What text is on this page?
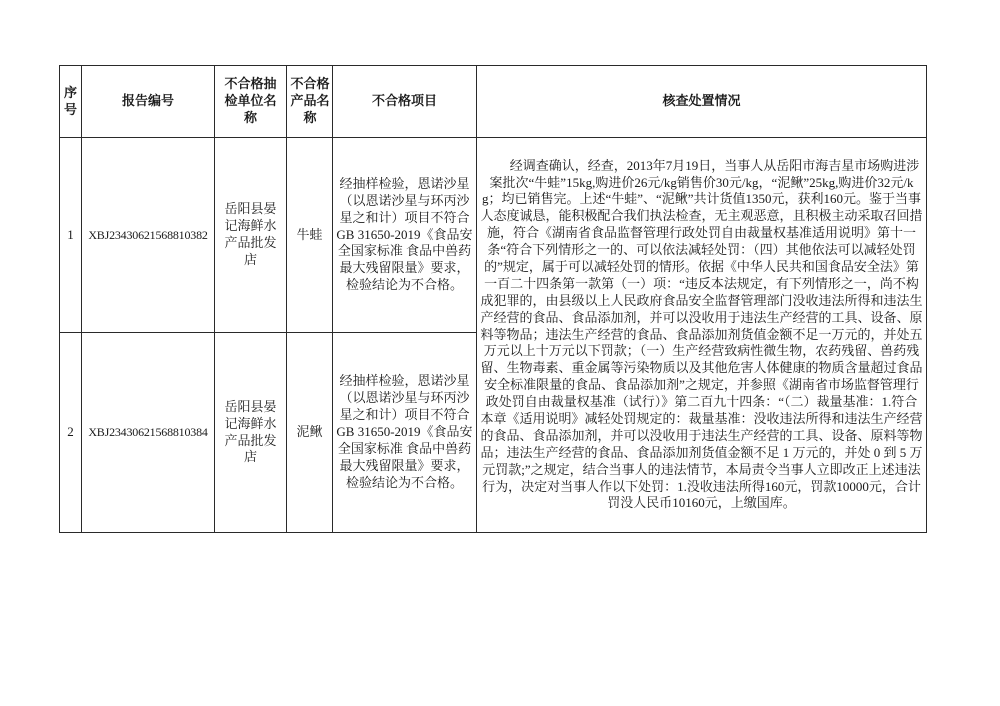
序号	报告编号	不合格抽检单位名称	不合格产品名称	不合格项目	核查处置情况
1	XBJ23430621568810382	岳阳县晏记海鲜水产品批发店	牛蛙	经抽样检验，恩诺沙星（以恩诺沙星与环丙沙星之和计）项目不符合GB 31650-2019《食品安全国家标准 食品中兽药最大残留限量》要求，检验结论为不合格。	经调查确认，经查，2013年7月19日，当事人从岳阳市海吉星市场购进涉案批次“牛蛙”15kg,购进价26元/kg销售价30元/kg，“泥鳅”25kg,购进价32元/kg；均已销售完。上述“牛蛙”、“泥鳅”共计货值1350元，获利160元。鉴于当事人态度诚恳，能积极配合我们执法检查，无主观恶意，且积极主动采取召回措施，符合《湖南省食品监督管理行政处罚自由裁量权基准适用说明》第十一条“符合下列情形之一的、可以依法减轻处罚：（四）其他依法可以减轻处罚的”规定，属于可以减轻处罚的情形。依据《中华人民共和国食品安全法》第一百二十四条第一款第（一）项：“违反本法规定，有下列情形之一，尚不构成犯罪的，由县级以上人民政府食品安全监督管理部门没收违法所得和违法生产经营的食品、食品添加剂，并可以没收用于违法生产经营的工具、设备、原料等物品；违法生产经营的食品、食品添加剂货值金额不足一万元的，并处五万元以上十万元以下罚款；（一）生产经营致病性微生物，农药残留、兽药残留、生物毒素、重金属等污染物质以及其他危害人体健康的物质含量超过食品安全标准限量的食品、食品添加剂”之规定，并参照《湖南省市场监督管理行政处罚自由裁量权基准（试行）》第二百九十四条：“（二）裁量基准：1.符合本章《适用说明》减轻处罚规定的：裁量基准：没收违法所得和违法生产经营的食品、食品添加剂，并可以没收用于违法生产经营的工具、设备、原料等物品；违法生产经营的食品、食品添加剂货值金额不足 1 万元的，并处 0 到 5 万元罚款;”之规定，结合当事人的违法情节，本局责令当事人立即改正上述违法行为，决定对当事人作以下处罚：1.没收违法所得160元，罚款10000元，合计罚没人民币10160元，上缴国库。

2	XBJ23430621568810384	岳阳县晏记海鲜水产品批发店	泥鳅	经抽样检验，恩诺沙星（以恩诺沙星与环丙沙星之和计）项目不符合GB 31650-2019《食品安全国家标准 食品中兽药最大残留限量》要求，检验结论为不合格。	
